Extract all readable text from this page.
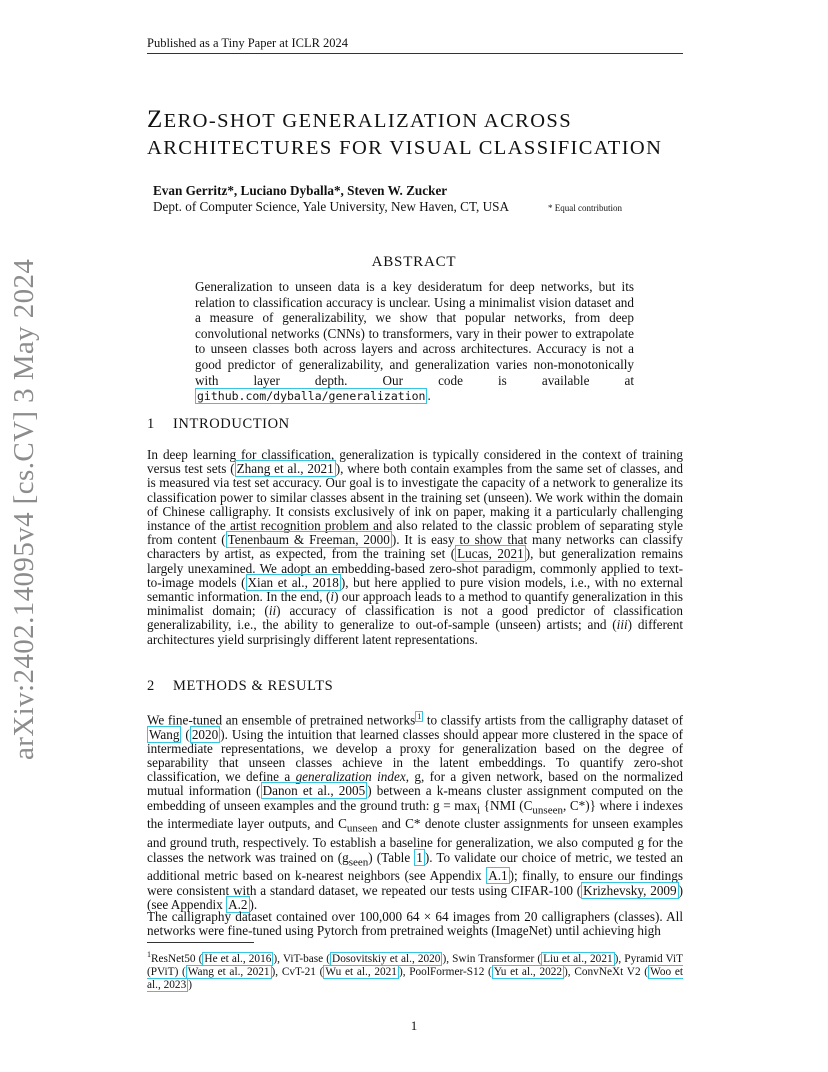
Published as a Tiny Paper at ICLR 2024
arXiv:2402.14095v4 [cs.CV] 3 May 2024
ZERO-SHOT GENERALIZATION ACROSS
ARCHITECTURES FOR VISUAL CLASSIFICATION
Evan Gerritz*, Luciano Dyballa*, Steven W. Zucker
Dept. of Computer Science, Yale University, New Haven, CT, USA	* Equal contribution
ABSTRACT
Generalization to unseen data is a key desideratum for deep networks, but its relation to classification accuracy is unclear. Using a minimalist vision dataset and a measure of generalizability, we show that popular networks, from deep convolutional networks (CNNs) to transformers, vary in their power to extrapolate to unseen classes both across layers and across architectures. Accuracy is not a good predictor of generalizability, and generalization varies non-monotonically with layer depth. Our code is available at github.com/dyballa/generalization .
1 INTRODUCTION
In deep learning for classification, generalization is typically considered in the context of training versus test sets ( Zhang et al., 2021 ), where both contain examples from the same set of classes, and is measured via test set accuracy. Our goal is to investigate the capacity of a network to generalize its classification power to similar classes absent in the training set (unseen). We work within the domain of Chinese calligraphy. It consists exclusively of ink on paper, making it a particularly challenging instance of the artist recognition problem and also related to the classic problem of separating style from content ( Tenenbaum & Freeman, 2000 ). It is easy to show that many networks can classify characters by artist, as expected, from the training set ( Lucas, 2021 ), but generalization remains largely unexamined. We adopt an embedding-based zero-shot paradigm, commonly applied to text-to-image models ( Xian et al., 2018 ), but here applied to pure vision models, i.e., with no external semantic information. In the end, (i) our approach leads to a method to quantify generalization in this minimalist domain; (ii) accuracy of classification is not a good predictor of classification generalizability, i.e., the ability to generalize to out-of-sample (unseen) artists; and (iii) different architectures yield surprisingly different latent representations.
2 METHODS & RESULTS
We fine-tuned an ensemble of pretrained networks $^1$ to classify artists from the calligraphy dataset of Wang ( 2020 ). Using the intuition that learned classes should appear more clustered in the space of intermediate representations, we develop a proxy for generalization based on the degree of separability that unseen classes achieve in the latent embeddings. To quantify zero-shot classification, we define a generalization index, g, for a given network, based on the normalized mutual information ( Danon et al., 2005 ) between a k-means cluster assignment computed on the embedding of unseen examples and the ground truth: $g = \max_i \{NMI$ ($C_{unseen}$, C*)} where i indexes the intermediate layer outputs, and $C_{unseen}$ and C* denote cluster assignments for unseen examples and ground truth, respectively. To establish a baseline for generalization, we also computed g for the classes the network was trained on $(g_{seen})$ (Table 1 ). To validate our choice of metric, we tested an additional metric based on k-nearest neighbors (see Appendix A.1 ); finally, to ensure our findings were consistent with a standard dataset, we repeated our tests using CIFAR-100 ( Krizhevsky, 2009 ) (see Appendix A.2 ).
The calligraphy dataset contained over 100,000 64 × 64 images from 20 calligraphers (classes). All networks were fine-tuned using Pytorch from pretrained weights (ImageNet) until achieving high
$^1$ResNet50 ( He et al., 2016 ), ViT-base ( Dosovitskiy et al., 2020 ), Swin Transformer ( Liu et al., 2021 ), Pyramid ViT (PViT) ( Wang et al., 2021 ), CvT-21 ( Wu et al., 2021 ), PoolFormer-S12 ( Yu et al., 2022 ), ConvNeXt V2 ( Woo et al., 2023 )
1
